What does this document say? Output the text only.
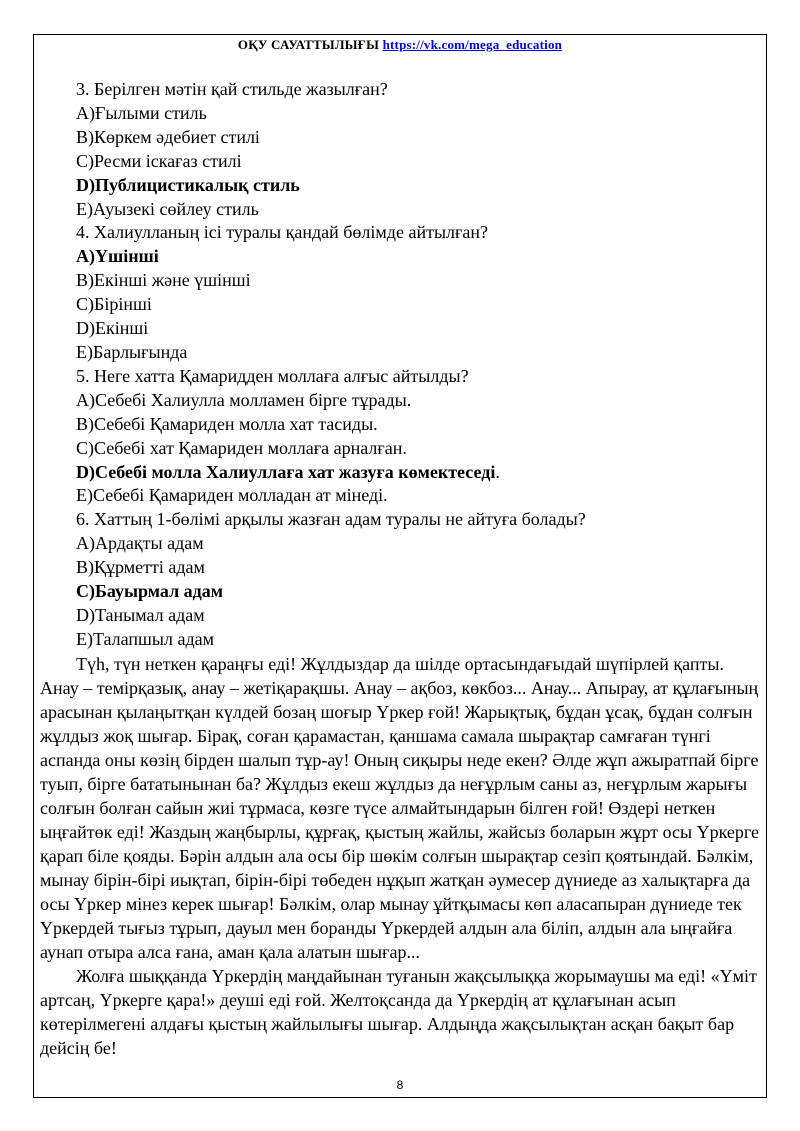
ОҚУ САУАТТЫЛЫҒЫ https://vk.com/mega_education
3. Берілген мәтін қай стильде жазылған?
A)Ғылыми стиль
B)Көркем әдебиет стилі
C)Ресми іскағаз стилі
D)Публицистикалық стиль
E)Ауызекі сөйлеу стиль
4. Халиулланың ісі туралы қандай бөлімде айтылған?
A)Үшінші
B)Екінші және үшінші
C)Бірінші
D)Екінші
E)Барлығында
5. Неге хатта Қамаридден моллаға алғыс айтылды?
A)Себебі Халиулла молламен бірге тұрады.
B)Себебі Қамариден молла хат тасиды.
C)Себебі хат Қамариден моллаға арналған.
D)Себебі молла Халиуллаға хат жазуға көмектеседі.
E)Себебі Қамариден молладан ат мінеді.
6. Хаттың 1-бөлімі арқылы жазған адам туралы не айтуға болады?
A)Ардақты адам
B)Құрметті адам
C)Бауырмал адам
D)Танымал адам
E)Талапшыл адам

Түһ, түн неткен қараңғы еді! Жұлдыздар да шілде ортасындағыдай шүпірлей қапты. Анау – темірқазық, анау – жетіқарақшы. Анау – ақбоз, көкбоз... Анау... Апырау, ат құлағының арасынан қылаңытқан күлдей бозаң шоғыр Үркер ғой! Жарықтық, бұдан ұсақ, бұдан солғын жұлдыз жоқ шығар. Бірақ, соған қарамастан, қаншама самала шырақтар самғаған түнгі аспанда оны көзің бірден шалып тұр-ау! Оның сиқыры неде екен? Әлде жұп ажыратпай бірге туып, бірге бататынынан ба? Жұлдыз екеш жұлдыз да неғұрлым саны аз, неғұрлым жарығы солғын болған сайын жиі тұрмаса, көзге түсе алмайтындарын білген ғой! Өздері неткен ыңғайтөк еді! Жаздың жаңбырлы, құрғақ, қыстың жайлы, жайсыз боларын жұрт осы Үркерге қарап біле қояды. Бәрін алдын ала осы бір шөкім солғын шырақтар сезіп қоятындай. Бәлкім, мынау бірін-бірі иықтап, бірін-бірі төбеден нұқып жатқан әумесер дүниеде аз халықтарға да осы Үркер мінез керек шығар! Бәлкім, олар мынау ұйтқымасы көп аласапыран дүниеде тек Үркердей тығыз тұрып, дауыл мен боранды Үркердей алдын ала біліп, алдын ала ыңғайға аунап отыра алса ғана, аман қала алатын шығар...

Жолға шыққанда Үркердің маңдайынан туғанын жақсылыққа жорымаушы ма еді! «Үміт артсаң, Үркерге қара!» деуші еді ғой. Желтоқсанда да Үркердің ат құлағынан асып көтерілмегені алдағы қыстың жайлылығы шығар. Алдыңда жақсылықтан асқан бақыт бар дейсің бе!

8
